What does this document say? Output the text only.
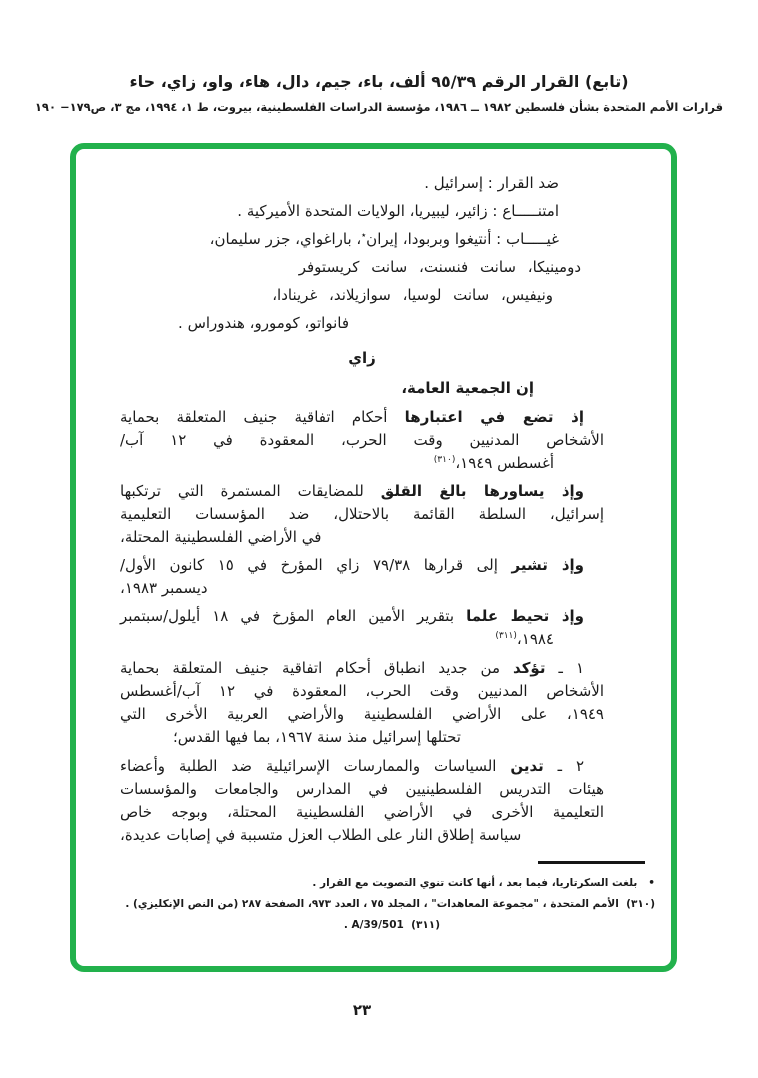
(تابع) القرار الرقم ٩٥/٣٩ ألف، باء، جيم، دال، هاء، واو، زاي، حاء
قرارات الأمم المتحدة بشأن فلسطين ١٩٨٢ ــ ١٩٨٦، مؤسسة الدراسات الفلسطينية، بيروت، ط ١، ١٩٩٤، مج ٣، ص١٧٩− ١٩٠
ضد القرار : إسرائيل .
امتنـــــاع : زائير، ليبيريا، الولايات المتحدة الأميركية .
غيـــــاب : أنتيغوا وبربودا، إيران٭، باراغواي، جزر سليمان،
دومينيكا، سانت فنسنت، سانت كريستوفر
ونيفيس، سانت لوسيا، سوازيلاند، غرينادا،
فانواتو، كومورو، هندوراس .
زاي
إن الجمعية العامة،
إذ تضع في اعتبارها أحكام اتفاقية جنيف المتعلقة بحماية
الأشخاص المدنيين وقت الحرب، المعقودة في ١٢ آب/
أغسطس ١٩٤٩،$^{(٣١٠)}$
وإذ يساورها بالغ القلق للمضايقات المستمرة التي ترتكبها
إسرائيل، السلطة القائمة بالاحتلال، ضد المؤسسات التعليمية
في الأراضي الفلسطينية المحتلة،
وإذ تشير إلى قرارها ٧٩/٣٨ زاي المؤرخ في ١٥ كانون الأول/
ديسمبر ١٩٨٣،
وإذ تحيط علما بتقرير الأمين العام المؤرخ في ١٨ أيلول/سبتمبر
١٩٨٤،$^{(٣١١)}$
١ ـ تؤكد من جديد انطباق أحكام اتفاقية جنيف المتعلقة بحماية
الأشخاص المدنيين وقت الحرب، المعقودة في ١٢ آب/أغسطس
١٩٤٩، على الأراضي الفلسطينية والأراضي العربية الأخرى التي
تحتلها إسرائيل منذ سنة ١٩٦٧، بما فيها القدس؛
٢ ـ تدين السياسات والممارسات الإسرائيلية ضد الطلبة وأعضاء
هيئات التدريس الفلسطينيين في المدارس والجامعات والمؤسسات
التعليمية الأخرى في الأراضي الفلسطينية المحتلة، وبوجه خاص
سياسة إطلاق النار على الطلاب العزل متسببة في إصابات عديدة،
•   بلغت السكرتاريا، فيما بعد ، أنها كانت تنوي التصويت مع القرار .
(٣١٠)  الأمم المتحدة ، "مجموعة المعاهدات" ، المجلد ٧٥ ، العدد ٩٧٣، الصفحة ٢٨٧ (من النص الإنكليزي) .
(٣١١)  A/39/501 .
٢٣
